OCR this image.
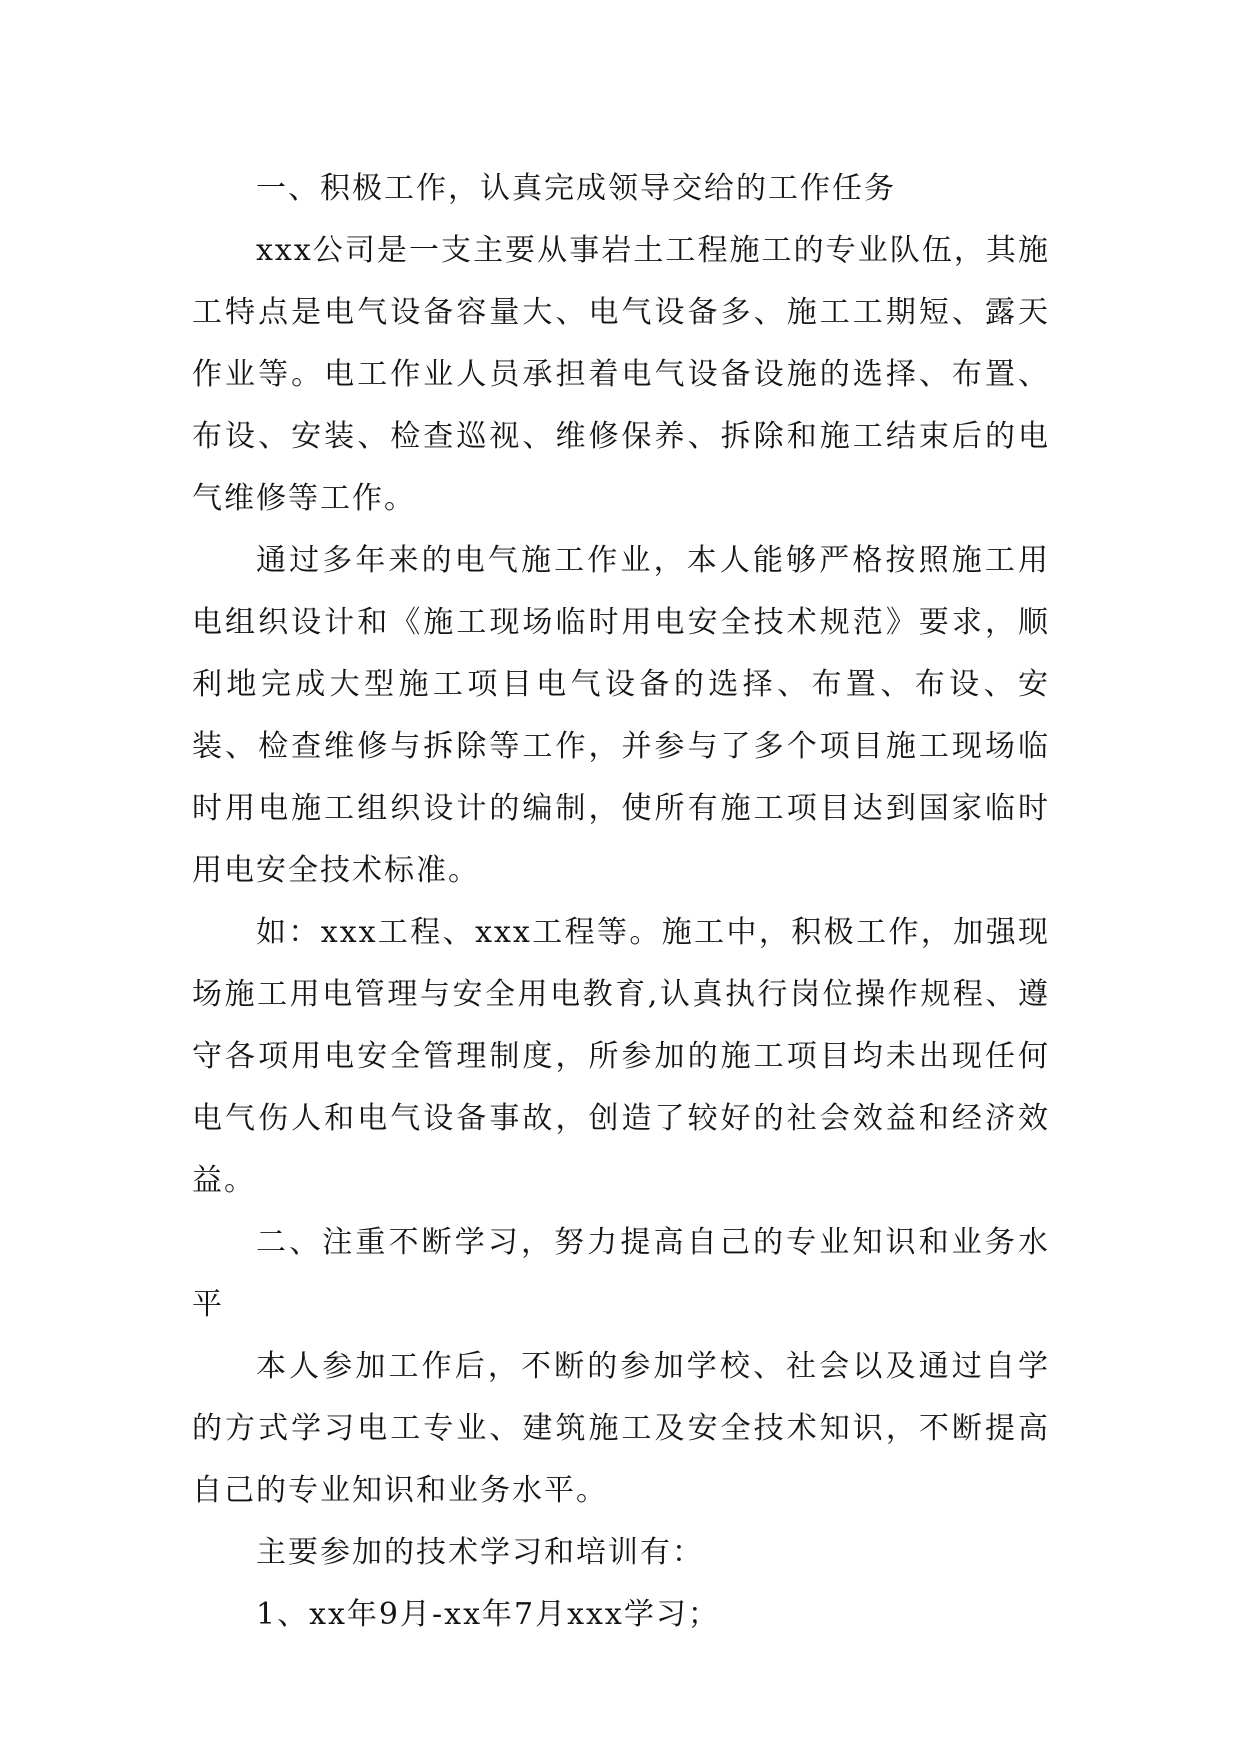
一、积极工作，认真完成领导交给的工作任务

xxx公司是一支主要从事岩土工程施工的专业队伍，其施工特点是电气设备容量大、电气设备多、施工工期短、露天作业等。电工作业人员承担着电气设备设施的选择、布置、布设、安装、检查巡视、维修保养、拆除和施工结束后的电气维修等工作。

通过多年来的电气施工作业，本人能够严格按照施工用电组织设计和《施工现场临时用电安全技术规范》要求，顺利地完成大型施工项目电气设备的选择、布置、布设、安装、检查维修与拆除等工作，并参与了多个项目施工现场临时用电施工组织设计的编制，使所有施工项目达到国家临时用电安全技术标准。

如：xxx工程、xxx工程等。施工中，积极工作，加强现场施工用电管理与安全用电教育,认真执行岗位操作规程、遵守各项用电安全管理制度，所参加的施工项目均未出现任何电气伤人和电气设备事故，创造了较好的社会效益和经济效益。

二、注重不断学习，努力提高自己的专业知识和业务水平

本人参加工作后，不断的参加学校、社会以及通过自学的方式学习电工专业、建筑施工及安全技术知识，不断提高自己的专业知识和业务水平。

主要参加的技术学习和培训有：

1、xx年9月-xx年7月xxx学习；
